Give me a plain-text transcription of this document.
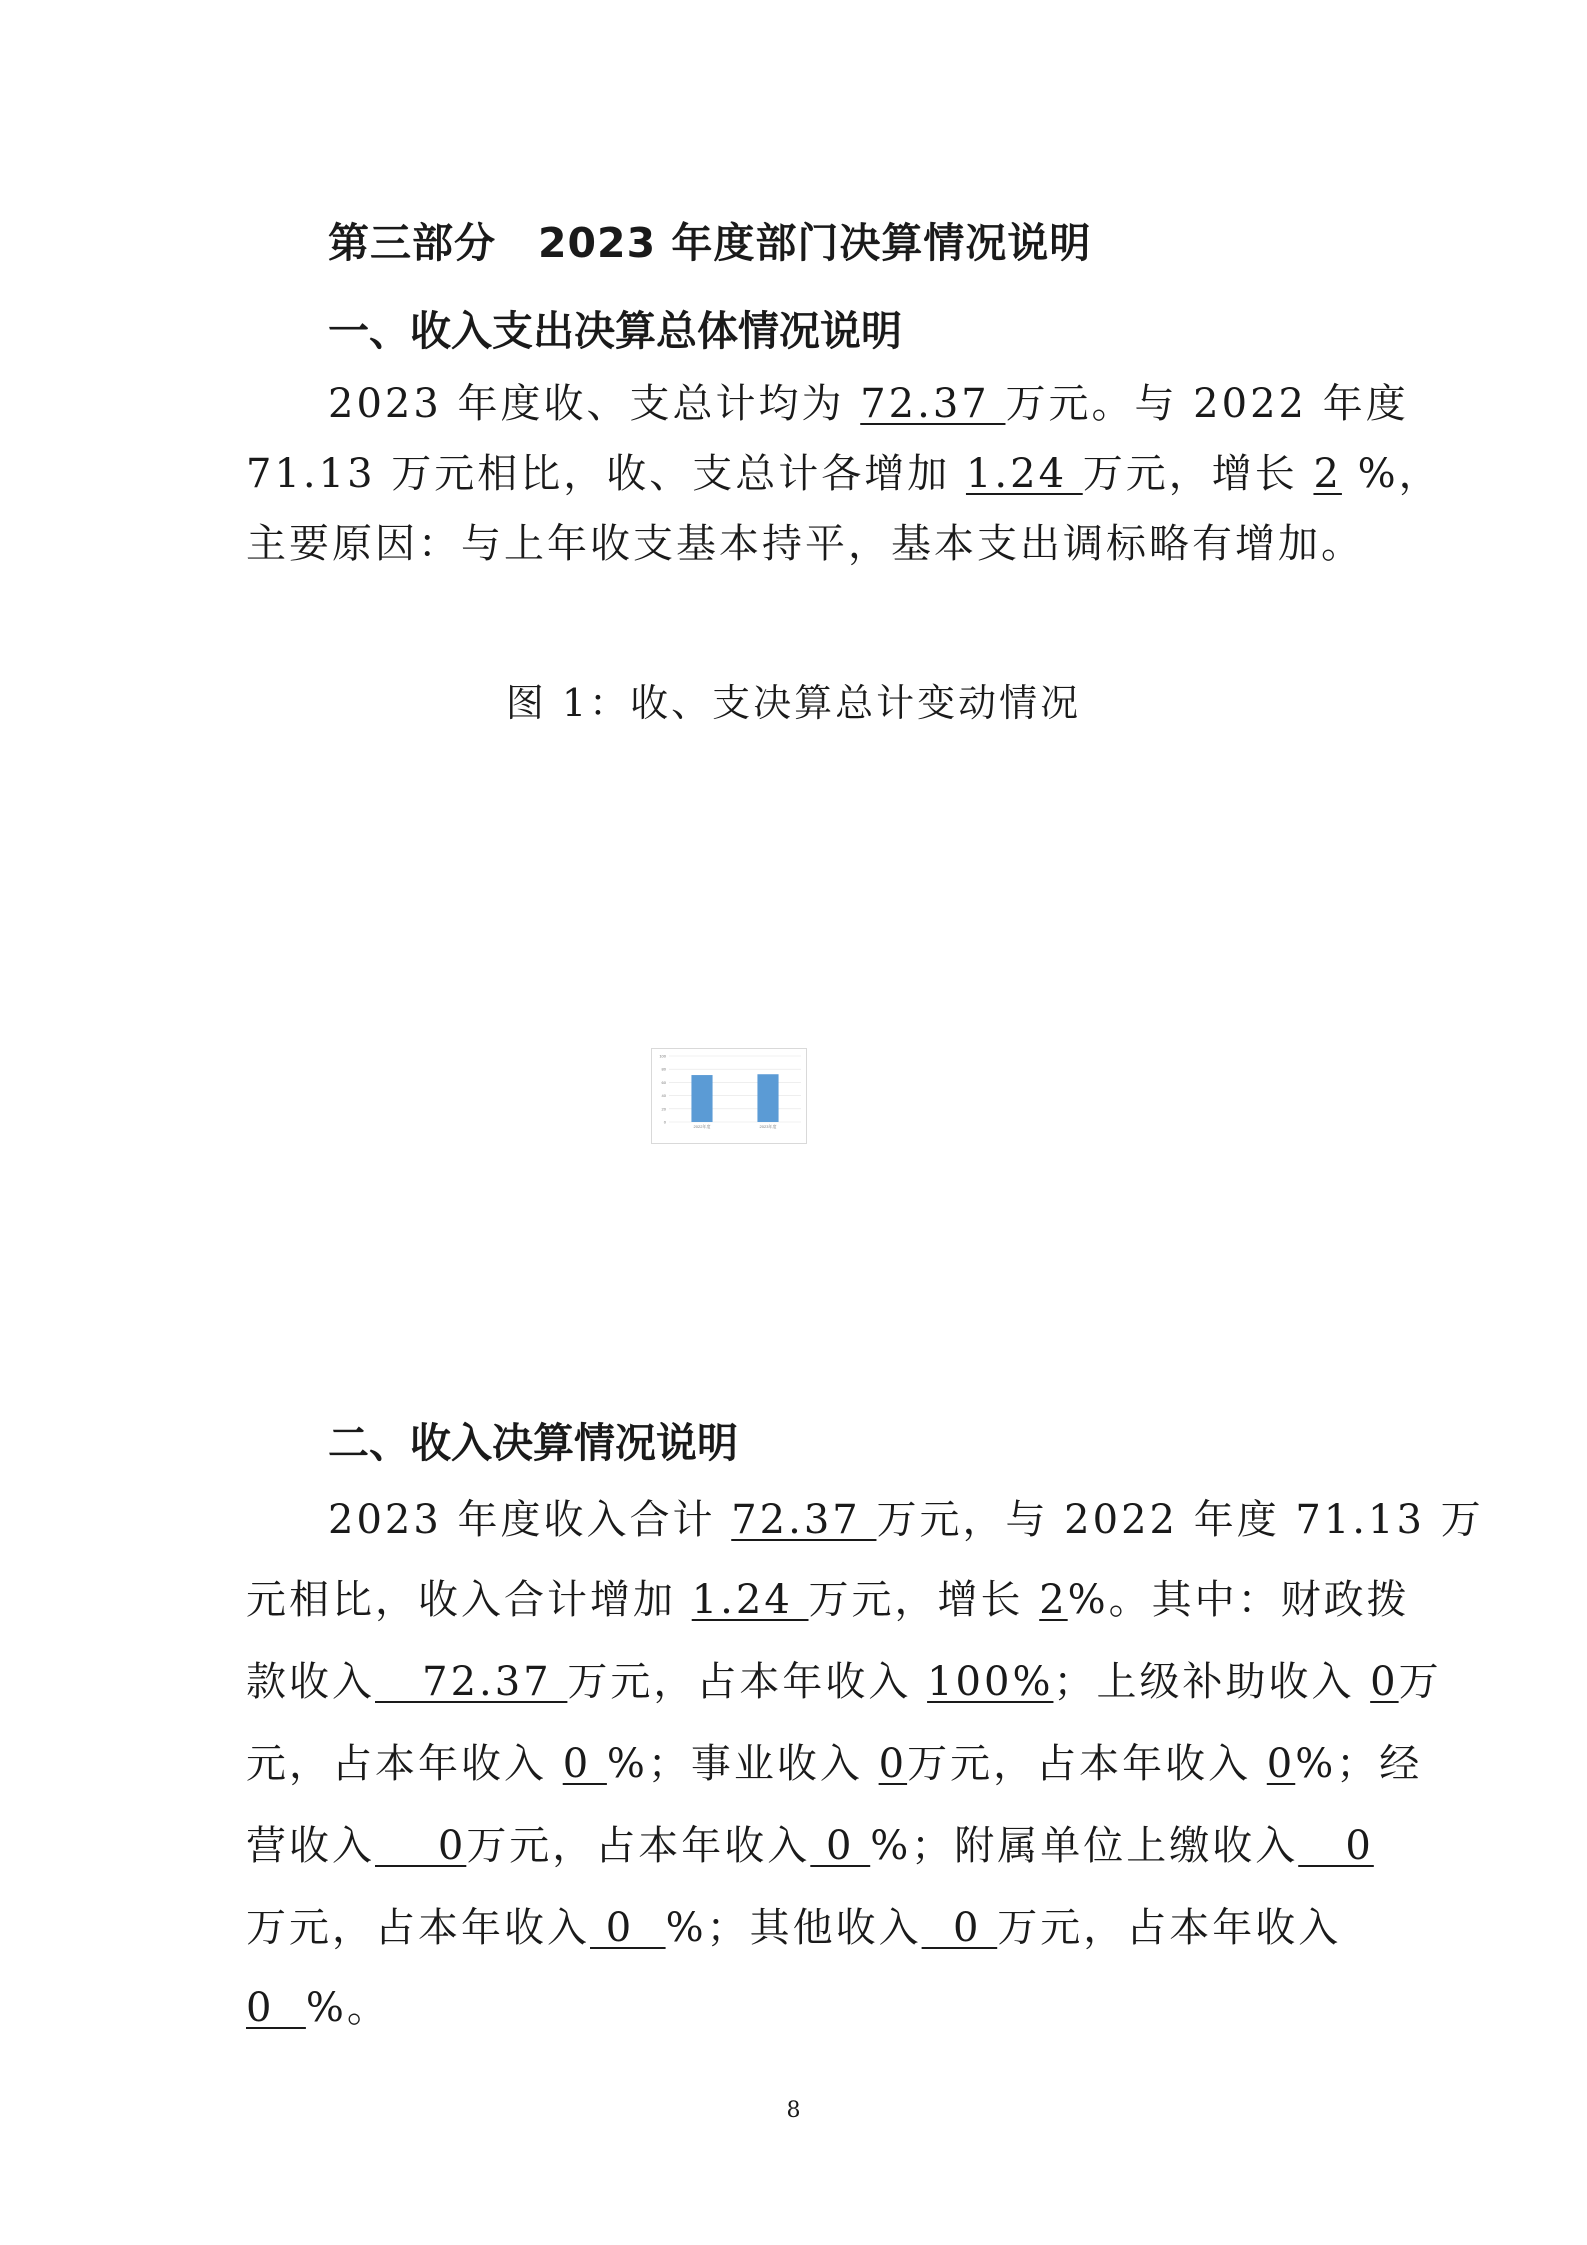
第三部分　2023 年度部门决算情况说明
一、收入支出决算总体情况说明
2023 年度收、支总计均为 72.37 万元。与 2022 年度
71.13 万元相比，收、支总计各增加 1.24 万元，增长 2 %，
主要原因：与上年收支基本持平，基本支出调标略有增加。
图 1：收、支决算总计变动情况
0
20
40
60
80
100
2022年度	2023年度
二、收入决算情况说明
2023 年度收入合计 72.37 万元，与 2022 年度 71.13 万
元相比，收入合计增加 1.24 万元，增长 2%。其中：财政拨
款收入   72.37 万元，占本年收入 100%；上级补助收入 0万
元，占本年收入 0 %；事业收入 0万元，占本年收入 0%；经
营收入    0万元，占本年收入 0 %；附属单位上缴收入   0
万元，占本年收入 0  %；其他收入  0 万元，占本年收入
0  %。
8
